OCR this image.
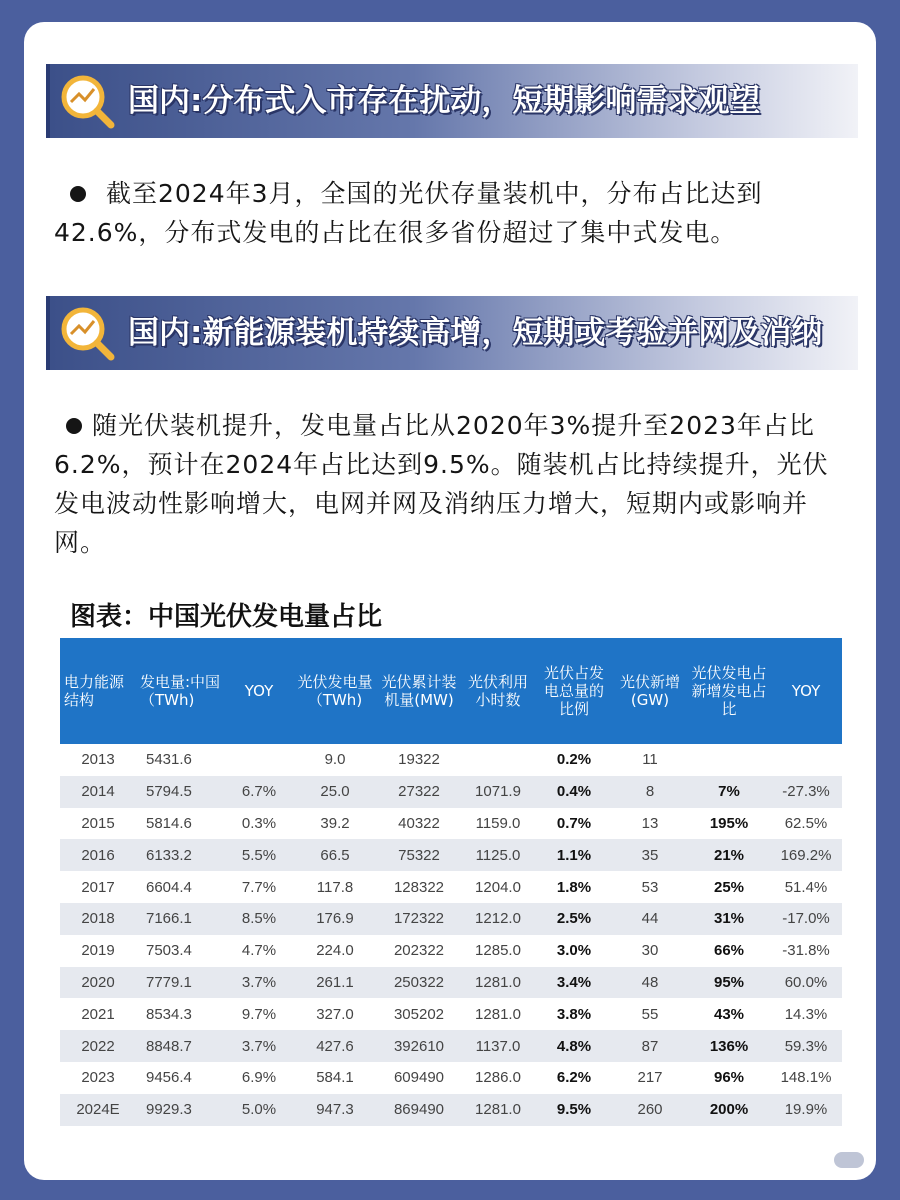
国内:分布式入市存在扰动，短期影响需求观望
截至2024年3月，全国的光伏存量装机中，分布占比达到42.6%，分布式发电的占比在很多省份超过了集中式发电。
国内:新能源装机持续高增，短期或考验并网及消纳
随光伏装机提升，发电量占比从2020年3%提升至2023年占比6.2%，预计在2024年占比达到9.5%。随装机占比持续提升，光伏发电波动性影响增大，电网并网及消纳压力增大，短期内或影响并网。
图表：中国光伏发电量占比
电力能源结构	发电量:中国（TWh)	YOY	光伏发电量（TWh)	光伏累计装机量(MW)	光伏利用小时数	光伏占发电总量的比例	光伏新增(GW)	光伏发电占新增发电占比	YOY
2013	5431.6		9.0	19322		0.2%	11		
2014	5794.5	6.7%	25.0	27322	1071.9	0.4%	8	7%	-27.3%
2015	5814.6	0.3%	39.2	40322	1159.0	0.7%	13	195%	62.5%
2016	6133.2	5.5%	66.5	75322	1125.0	1.1%	35	21%	169.2%
2017	6604.4	7.7%	117.8	128322	1204.0	1.8%	53	25%	51.4%
2018	7166.1	8.5%	176.9	172322	1212.0	2.5%	44	31%	-17.0%
2019	7503.4	4.7%	224.0	202322	1285.0	3.0%	30	66%	-31.8%
2020	7779.1	3.7%	261.1	250322	1281.0	3.4%	48	95%	60.0%
2021	8534.3	9.7%	327.0	305202	1281.0	3.8%	55	43%	14.3%
2022	8848.7	3.7%	427.6	392610	1137.0	4.8%	87	136%	59.3%
2023	9456.4	6.9%	584.1	609490	1286.0	6.2%	217	96%	148.1%
2024E	9929.3	5.0%	947.3	869490	1281.0	9.5%	260	200%	19.9%
